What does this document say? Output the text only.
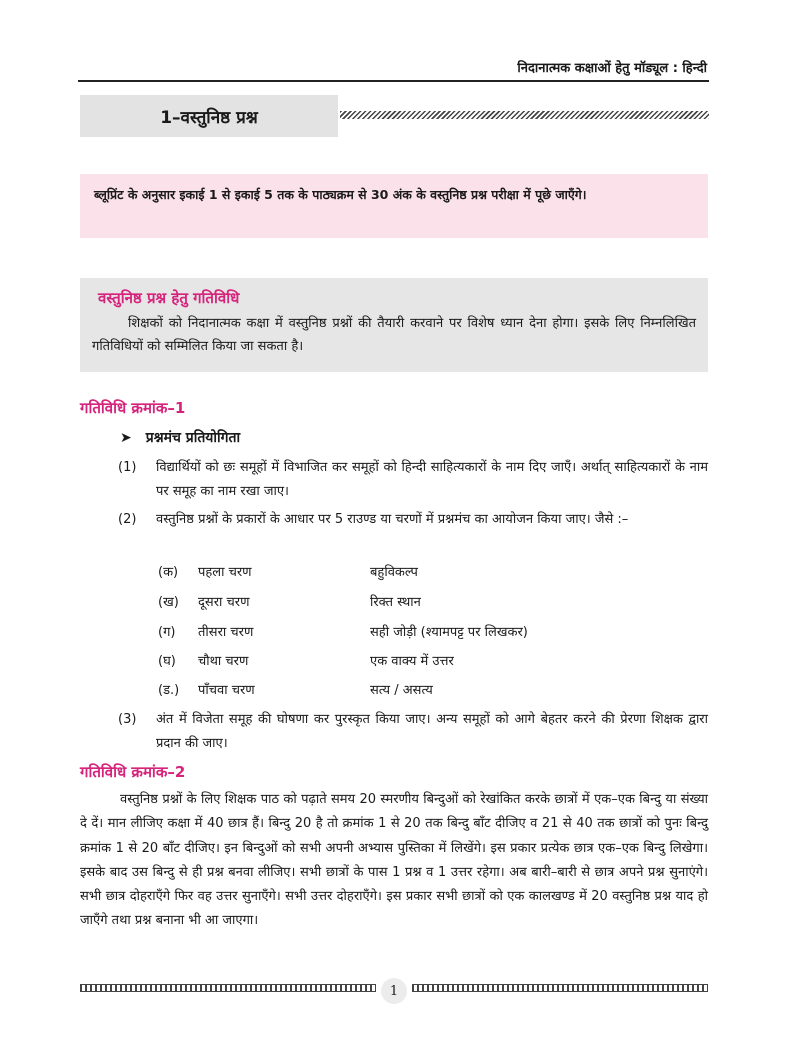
निदानात्मक कक्षाओं हेतु मॉड्यूल : हिन्दी
1–वस्तुनिष्ठ प्रश्न
ब्लूप्रिंट के अनुसार इकाई 1 से इकाई 5 तक के पाठ्यक्रम से 30 अंक के वस्तुनिष्ठ प्रश्न परीक्षा में पूछे जाएँगे।
वस्तुनिष्ठ प्रश्न हेतु गतिविधि
शिक्षकों को निदानात्मक कक्षा में वस्तुनिष्ठ प्रश्नों की तैयारी करवाने पर विशेष ध्यान देना होगा। इसके लिए निम्नलिखित गतिविधियों को सम्मिलित किया जा सकता है।
गतिविधि क्रमांक–1
➤ प्रश्नमंच प्रतियोगिता
(1)	विद्यार्थियों को छः समूहों में विभाजित कर समूहों को हिन्दी साहित्यकारों के नाम दिए जाएँ। अर्थात् साहित्यकारों के नाम पर समूह का नाम रखा जाए।
(2)	वस्तुनिष्ठ प्रश्नों के प्रकारों के आधार पर 5 राउण्ड या चरणों में प्रश्नमंच का आयोजन किया जाए। जैसे :–
(क) पहला चरण	बहुविकल्प
(ख) दूसरा चरण	रिक्त स्थान
(ग) तीसरा चरण	सही जोड़ी (श्यामपट्ट पर लिखकर)
(घ) चौथा चरण	एक वाक्य में उत्तर
(ड.) पाँचवा चरण	सत्य / असत्य
(3)	अंत में विजेता समूह की घोषणा कर पुरस्कृत किया जाए। अन्य समूहों को आगे बेहतर करने की प्रेरणा शिक्षक द्वारा प्रदान की जाए।
गतिविधि क्रमांक–2
वस्तुनिष्ठ प्रश्नों के लिए शिक्षक पाठ को पढ़ाते समय 20 स्मरणीय बिन्दुओं को रेखांकित करके छात्रों में एक–एक बिन्दु या संख्या दे दें। मान लीजिए कक्षा में 40 छात्र हैं। बिन्दु 20 है तो क्रमांक 1 से 20 तक बिन्दु बाँट दीजिए व 21 से 40 तक छात्रों को पुनः बिन्दु क्रमांक 1 से 20 बाँट दीजिए। इन बिन्दुओं को सभी अपनी अभ्यास पुस्तिका में लिखेंगे। इस प्रकार प्रत्येक छात्र एक–एक बिन्दु लिखेगा। इसके बाद उस बिन्दु से ही प्रश्न बनवा लीजिए। सभी छात्रों के पास 1 प्रश्न व 1 उत्तर रहेगा। अब बारी–बारी से छात्र अपने प्रश्न सुनाएंगे। सभी छात्र दोहराएँगे फिर वह उत्तर सुनाएँगे। सभी उत्तर दोहराएँगे। इस प्रकार सभी छात्रों को एक कालखण्ड में 20 वस्तुनिष्ठ प्रश्न याद हो जाएँगे तथा प्रश्न बनाना भी आ जाएगा।
1
